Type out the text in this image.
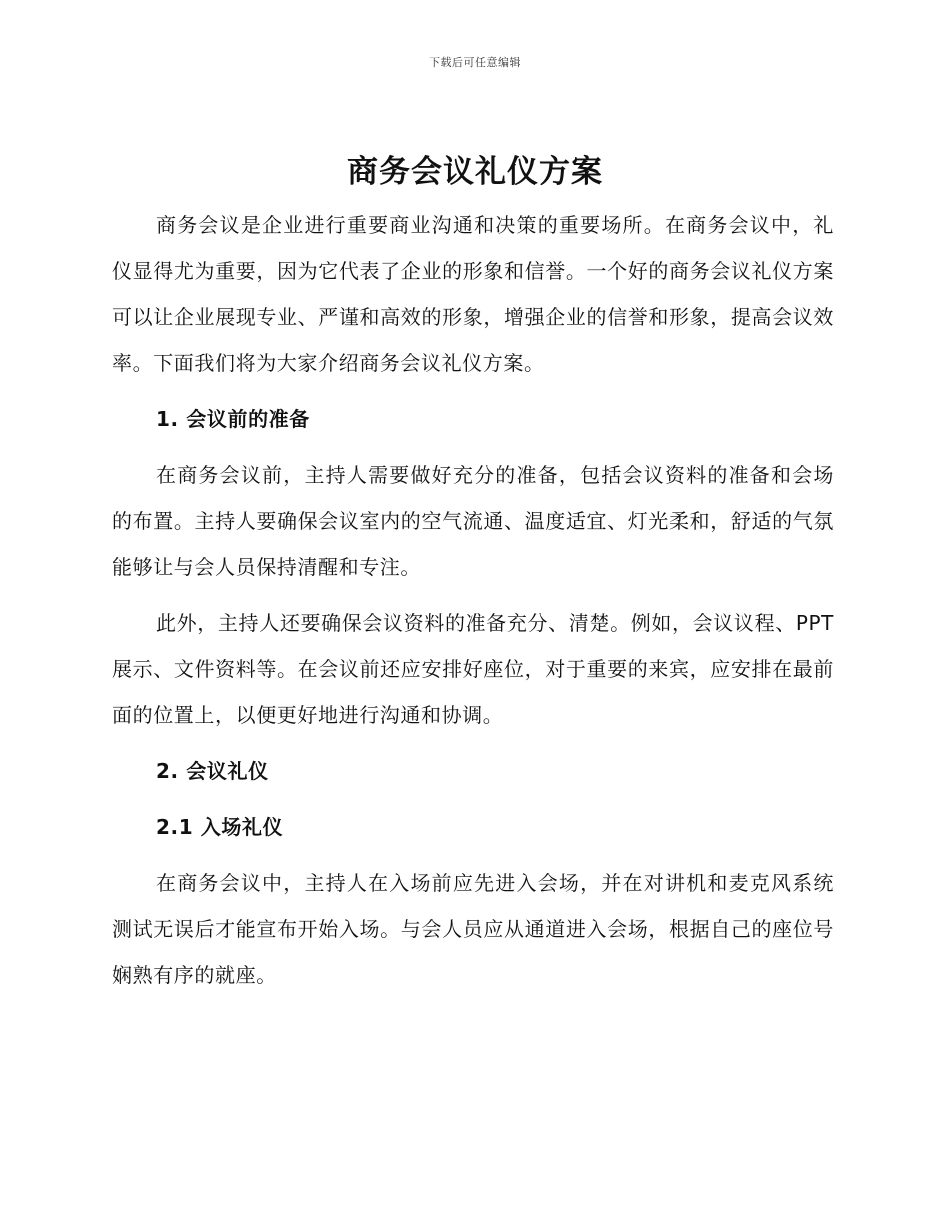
下载后可任意编辑
商务会议礼仪方案

商务会议是企业进行重要商业沟通和决策的重要场所。在商务会议中，礼仪显得尤为重要，因为它代表了企业的形象和信誉。一个好的商务会议礼仪方案可以让企业展现专业、严谨和高效的形象，增强企业的信誉和形象，提高会议效率。下面我们将为大家介绍商务会议礼仪方案。

1. 会议前的准备

在商务会议前，主持人需要做好充分的准备，包括会议资料的准备和会场的布置。主持人要确保会议室内的空气流通、温度适宜、灯光柔和，舒适的气氛能够让与会人员保持清醒和专注。

此外，主持人还要确保会议资料的准备充分、清楚。例如，会议议程、PPT展示、文件资料等。在会议前还应安排好座位，对于重要的来宾，应安排在最前面的位置上，以便更好地进行沟通和协调。

2. 会议礼仪

2.1 入场礼仪

在商务会议中，主持人在入场前应先进入会场，并在对讲机和麦克风系统测试无误后才能宣布开始入场。与会人员应从通道进入会场，根据自己的座位号娴熟有序的就座。
